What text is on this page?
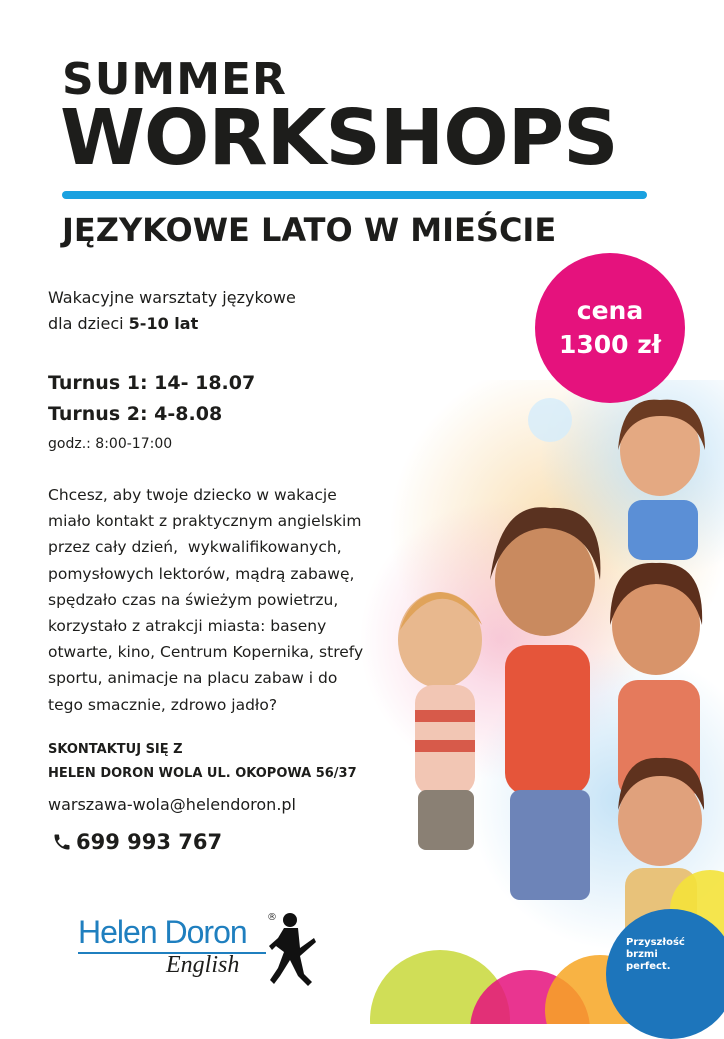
SUMMER
WORKSHOPS
JĘZYKOWE LATO W MIEŚCIE
Wakacyjne warsztaty językowe
dla dzieci 5-10 lat
Turnus 1: 14- 18.07
Turnus 2: 4-8.08
godz.: 8:00-17:00
Chcesz, aby twoje dziecko w wakacje
miało kontakt z praktycznym angielskim
przez cały dzień,  wykwalifikowanych,
pomysłowych lektorów, mądrą zabawę,
spędzało czas na świeżym powietrzu,
korzystało z atrakcji miasta: baseny
otwarte, kino, Centrum Kopernika, strefy
sportu, animacje na placu zabaw i do
tego smacznie, zdrowo jadło?
SKONTAKTUJ SIĘ Z
HELEN DORON WOLA UL. OKOPOWA 56/37
warszawa-wola@helendoron.pl
699 993 767
cena
1300 zł
Helen Doron ®
English
Przyszłość
brzmi
perfect.
